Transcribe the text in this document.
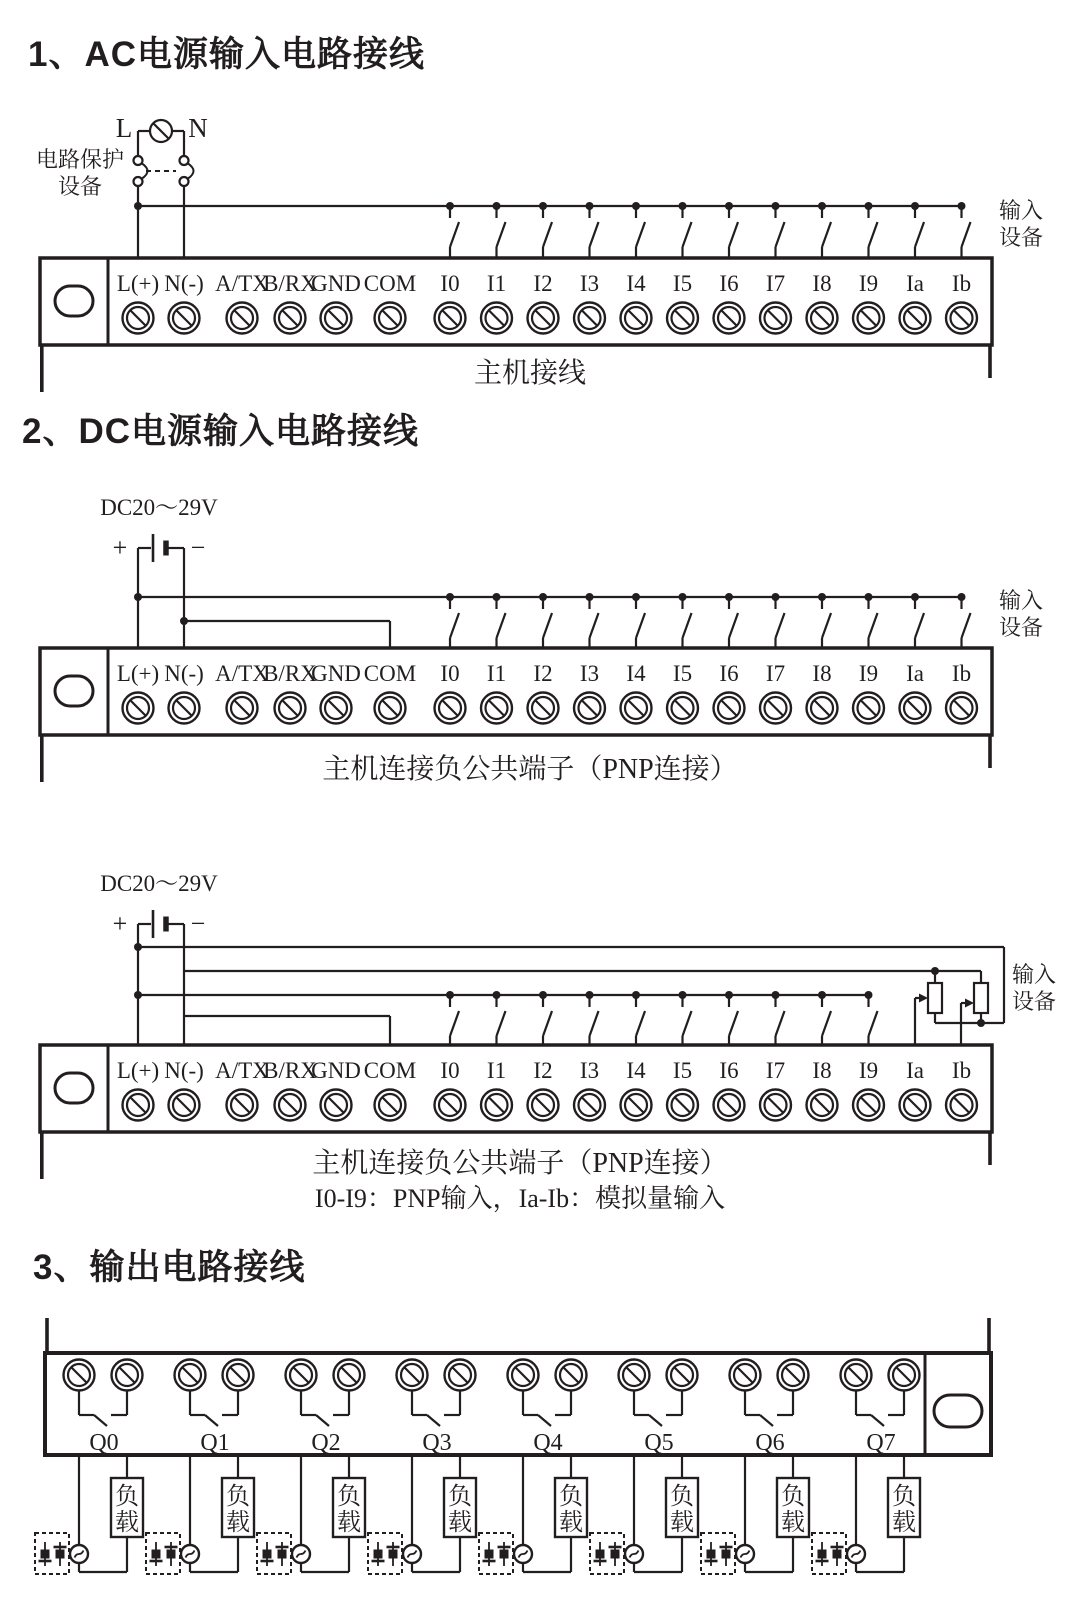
L N
L(+) N(-) A/TX
B/RX
GND COM I0 I1 I2 I3 I4 I5 I6 I7 I8 I9 Ia Ib
DC20～29V
+ −
L(+) N(-) A/TX
B/RX
GND COM I0 I1 I2 I3 I4 I5 I6 I7 I8 I9 Ia Ib
DC20～29V
+ −
L(+) N(-) A/TX
B/RX
GND COM I0 I1 I2 I3 I4 I5 I6 I7 I8 I9 Ia Ib
Q0
负载
Q1
负载
Q2
负载
Q3
负载
Q4
负载
Q5
负载
Q6
负载
Q7
负载
1、AC电源输入电路接线
电路保护
设备
输入
设备
主机接线
2、DC电源输入电路接线
输入
设备
主机连接负公共端子（PNP连接）
输入
设备
主机连接负公共端子（PNP连接）
I0-I9：PNP输入，Ia-Ib：模拟量输入
3、输出电路接线
